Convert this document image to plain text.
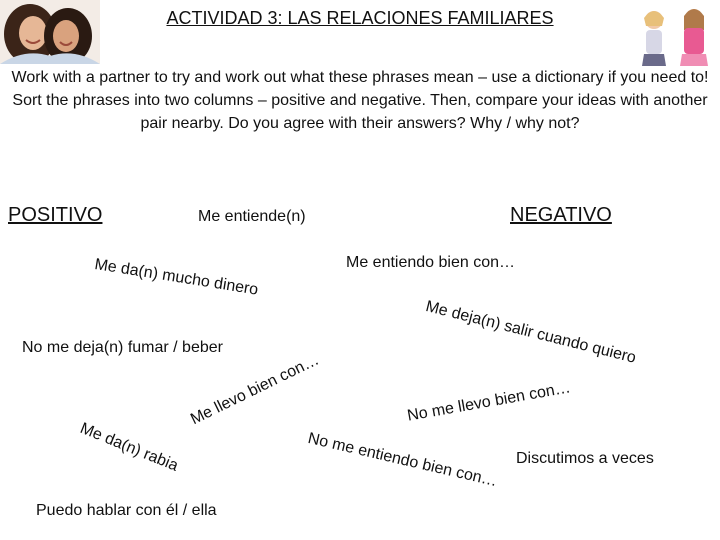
ACTIVIDAD 3: LAS RELACIONES FAMILIARES
Work with a partner to try and work out what these phrases mean – use a dictionary if you need to! Sort the phrases into two columns – positive and negative. Then, compare your ideas with another pair nearby. Do you agree with their answers? Why / why not?
POSITIVO	NEGATIVO
Me entiende(n)
Me entiendo bien con…
Me da(n) mucho dinero
Me deja(n) salir cuando quiero
No me deja(n) fumar / beber
Me llevo bien con…	No me llevo bien con…
Me da(n) rabia	No me entiendo bien con… Discutimos a veces
Puedo hablar con él / ella
